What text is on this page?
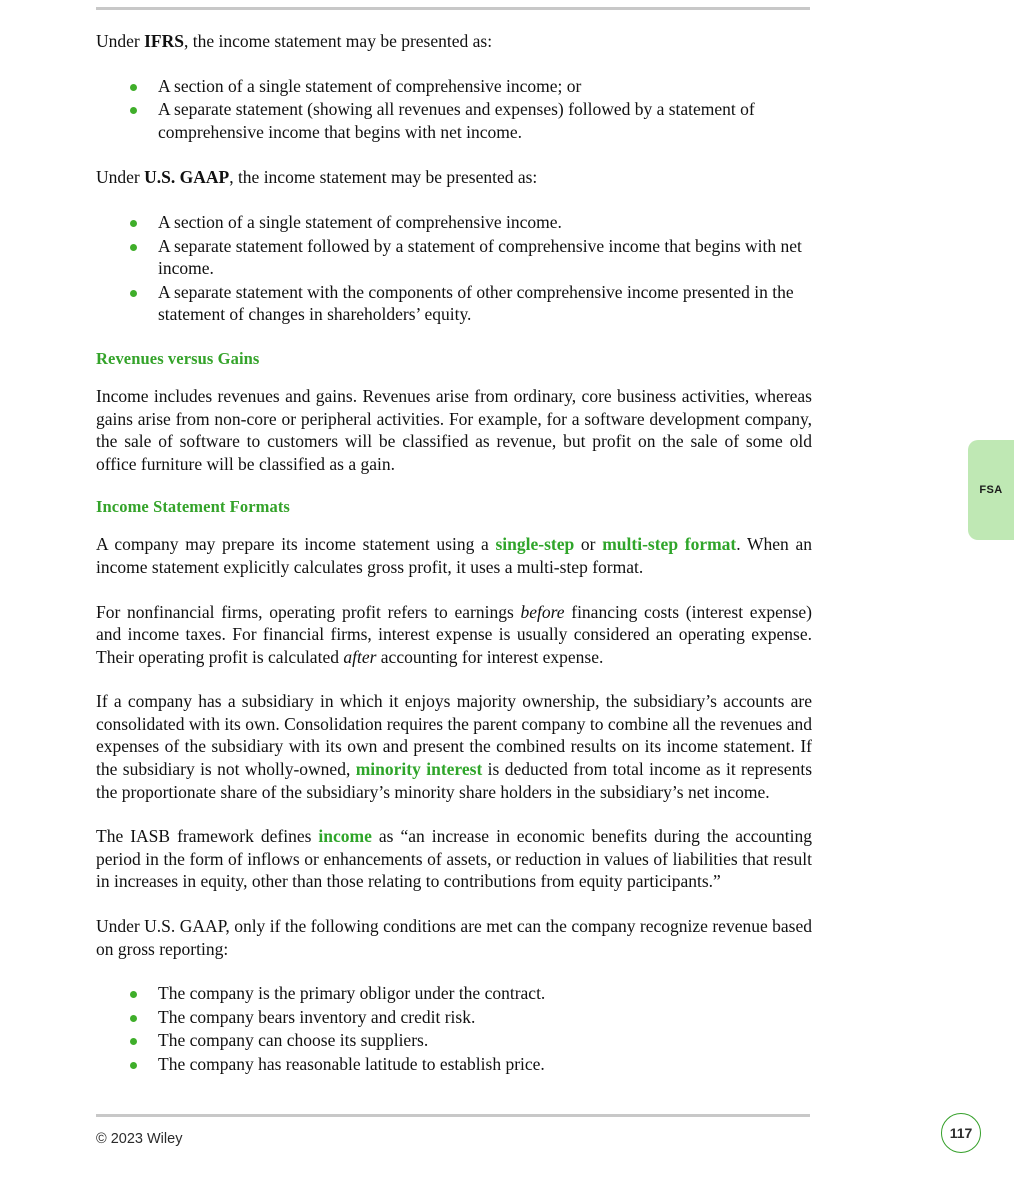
Under IFRS, the income statement may be presented as:

A section of a single statement of comprehensive income; or
A separate statement (showing all revenues and expenses) followed by a statement of comprehensive income that begins with net income.

Under U.S. GAAP, the income statement may be presented as:

A section of a single statement of comprehensive income.
A separate statement followed by a statement of comprehensive income that begins with net income.
A separate statement with the components of other comprehensive income presented in the statement of changes in shareholders’ equity.
Revenues versus Gains

Income includes revenues and gains. Revenues arise from ordinary, core business activities, whereas gains arise from non-core or peripheral activities. For example, for a software development company, the sale of software to customers will be classified as revenue, but profit on the sale of some old office furniture will be classified as a gain.

Income Statement Formats

A company may prepare its income statement using a single-step or multi-step format. When an income statement explicitly calculates gross profit, it uses a multi-step format.

For nonfinancial firms, operating profit refers to earnings before financing costs (interest expense) and income taxes. For financial firms, interest expense is usually considered an operating expense. Their operating profit is calculated after accounting for interest expense.

If a company has a subsidiary in which it enjoys majority ownership, the subsidiary’s accounts are consolidated with its own. Consolidation requires the parent company to combine all the revenues and expenses of the subsidiary with its own and present the combined results on its income statement. If the subsidiary is not wholly-owned, minority interest is deducted from total income as it represents the proportionate share of the subsidiary’s minority share holders in the subsidiary’s net income.

The IASB framework defines income as “an increase in economic benefits during the accounting period in the form of inflows or enhancements of assets, or reduction in values of liabilities that result in increases in equity, other than those relating to contributions from equity participants.”

Under U.S. GAAP, only if the following conditions are met can the company recognize revenue based on gross reporting:

The company is the primary obligor under the contract.
The company bears inventory and credit risk.
The company can choose its suppliers.
The company has reasonable latitude to establish price.
FSA
© 2023 Wiley	117
